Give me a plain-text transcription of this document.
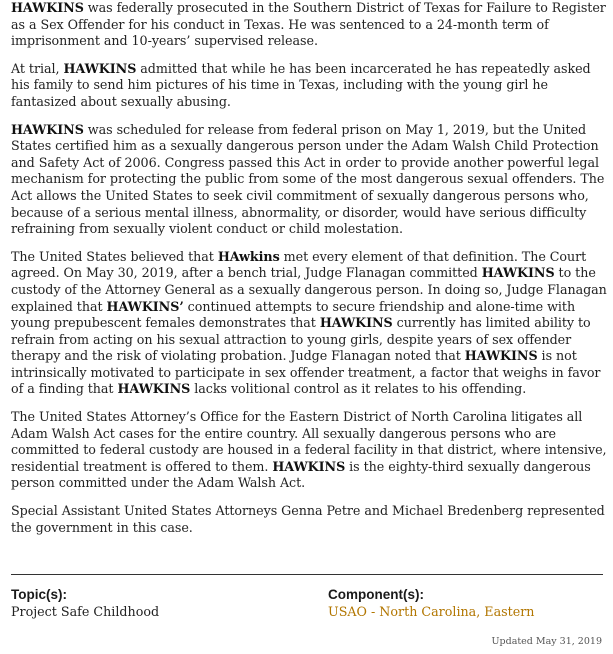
HAWKINS was federally prosecuted in the Southern District of Texas for Failure to Register as a Sex Offender for his conduct in Texas. He was sentenced to a 24-month term of imprisonment and 10-years’ supervised release.

At trial, HAWKINS admitted that while he has been incarcerated he has repeatedly asked his family to send him pictures of his time in Texas, including with the young girl he fantasized about sexually abusing.

HAWKINS was scheduled for release from federal prison on May 1, 2019, but the United States certified him as a sexually dangerous person under the Adam Walsh Child Protection and Safety Act of 2006. Congress passed this Act in order to provide another powerful legal mechanism for protecting the public from some of the most dangerous sexual offenders. The Act allows the United States to seek civil commitment of sexually dangerous persons who, because of a serious mental illness, abnormality, or disorder, would have serious difficulty refraining from sexually violent conduct or child molestation.

The United States believed that HAwkins met every element of that definition. The Court agreed. On May 30, 2019, after a bench trial, Judge Flanagan committed HAWKINS to the custody of the Attorney General as a sexually dangerous person. In doing so, Judge Flanagan explained that HAWKINS’ continued attempts to secure friendship and alone-time with young prepubescent females demonstrates that HAWKINS currently has limited ability to refrain from acting on his sexual attraction to young girls, despite years of sex offender therapy and the risk of violating probation. Judge Flanagan noted that HAWKINS is not intrinsically motivated to participate in sex offender treatment, a factor that weighs in favor of a finding that HAWKINS lacks volitional control as it relates to his offending.

The United States Attorney’s Office for the Eastern District of North Carolina litigates all Adam Walsh Act cases for the entire country. All sexually dangerous persons who are committed to federal custody are housed in a federal facility in that district, where intensive, residential treatment is offered to them. HAWKINS is the eighty-third sexually dangerous person committed under the Adam Walsh Act.

Special Assistant United States Attorneys Genna Petre and Michael Bredenberg represented the government in this case.

Topic(s):
Project Safe Childhood
Component(s):
USAO - North Carolina, Eastern
Updated May 31, 2019
